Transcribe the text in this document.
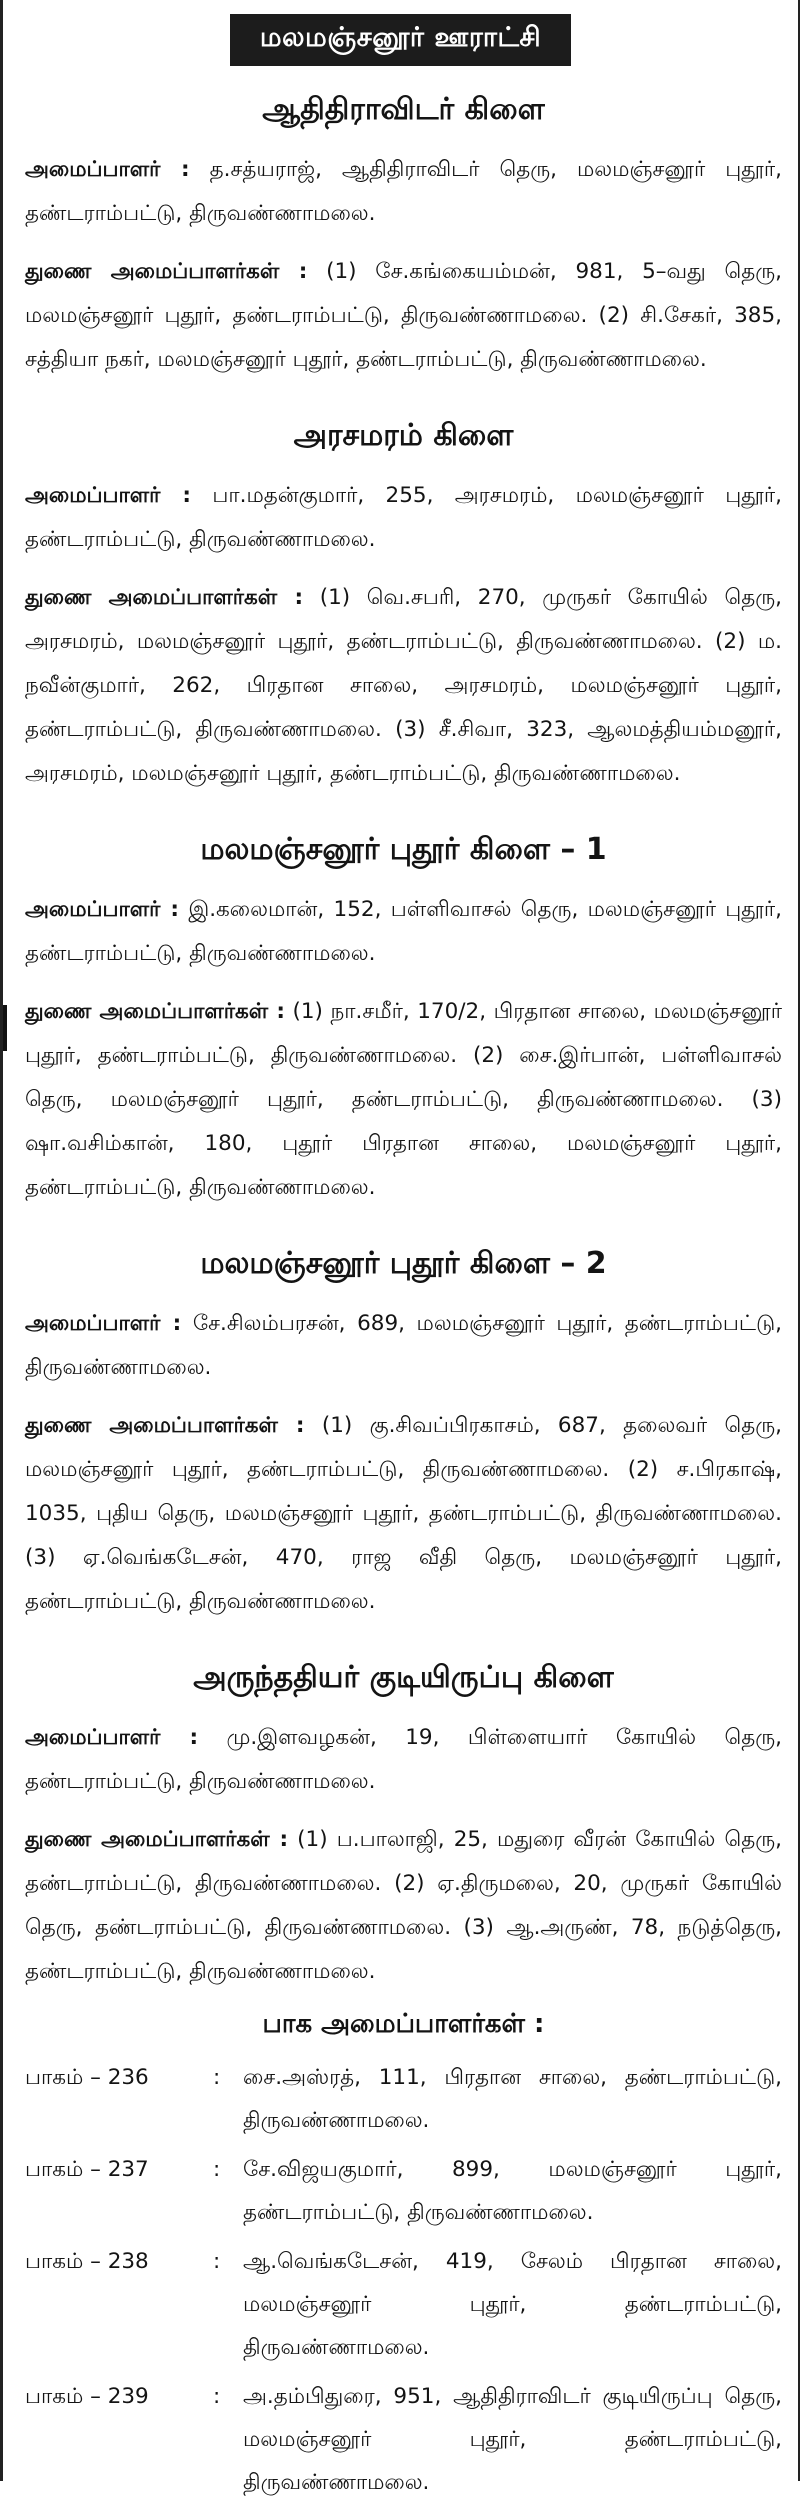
மலமஞ்சனூர் ஊராட்சி
ஆதிதிராவிடர் கிளை

அமைப்பாளர் : த.சத்யராஜ், ஆதிதிராவிடர் தெரு, மலமஞ்சனூர் புதூர், தண்டராம்பட்டு, திருவண்ணாமலை.

துணை அமைப்பாளர்கள் : (1) சே.கங்கையம்மன், 981, 5–வது தெரு, மலமஞ்சனூர் புதூர், தண்டராம்பட்டு, திருவண்ணாமலை. (2) சி.சேகர், 385, சத்தியா நகர், மலமஞ்சனூர் புதூர், தண்டராம்பட்டு, திருவண்ணாமலை.

அரசமரம் கிளை

அமைப்பாளர் : பா.மதன்குமார், 255, அரசமரம், மலமஞ்சனூர் புதூர், தண்டராம்பட்டு, திருவண்ணாமலை.

துணை அமைப்பாளர்கள் : (1) வெ.சபரி, 270, முருகர் கோயில் தெரு, அரசமரம், மலமஞ்சனூர் புதூர், தண்டராம்பட்டு, திருவண்ணாமலை. (2) ம. நவீன்குமார், 262, பிரதான சாலை, அரசமரம், மலமஞ்சனூர் புதூர், தண்டராம்பட்டு, திருவண்ணாமலை. (3) சீ.சிவா, 323, ஆலமத்தியம்மனூர், அரசமரம், மலமஞ்சனூர் புதூர், தண்டராம்பட்டு, திருவண்ணாமலை.

மலமஞ்சனூர் புதூர் கிளை – 1

அமைப்பாளர் : இ.கலைமான், 152, பள்ளிவாசல் தெரு, மலமஞ்சனூர் புதூர், தண்டராம்பட்டு, திருவண்ணாமலை.

துணை அமைப்பாளர்கள் : (1) நா.சமீர், 170/2, பிரதான சாலை, மலமஞ்சனூர் புதூர், தண்டராம்பட்டு, திருவண்ணாமலை. (2) சை.இர்பான், பள்ளிவாசல் தெரு, மலமஞ்சனூர் புதூர், தண்டராம்பட்டு, திருவண்ணாமலை. (3) ஷா.வசிம்கான், 180, புதூர் பிரதான சாலை, மலமஞ்சனூர் புதூர், தண்டராம்பட்டு, திருவண்ணாமலை.

மலமஞ்சனூர் புதூர் கிளை – 2

அமைப்பாளர் : சே.சிலம்பரசன், 689, மலமஞ்சனூர் புதூர், தண்டராம்பட்டு, திருவண்ணாமலை.

துணை அமைப்பாளர்கள் : (1) கு.சிவப்பிரகாசம், 687, தலைவர் தெரு, மலமஞ்சனூர் புதூர், தண்டராம்பட்டு, திருவண்ணாமலை. (2) ச.பிரகாஷ், 1035, புதிய தெரு, மலமஞ்சனூர் புதூர், தண்டராம்பட்டு, திருவண்ணாமலை. (3) ஏ.வெங்கடேசன், 470, ராஜ வீதி தெரு, மலமஞ்சனூர் புதூர், தண்டராம்பட்டு, திருவண்ணாமலை.

அருந்ததியர் குடியிருப்பு கிளை

அமைப்பாளர் : மு.இளவழகன், 19, பிள்ளையார் கோயில் தெரு, தண்டராம்பட்டு, திருவண்ணாமலை.

துணை அமைப்பாளர்கள் : (1) ப.பாலாஜி, 25, மதுரை வீரன் கோயில் தெரு, தண்டராம்பட்டு, திருவண்ணாமலை. (2) ஏ.திருமலை, 20, முருகர் கோயில் தெரு, தண்டராம்பட்டு, திருவண்ணாமலை. (3) ஆ.அருண், 78, நடுத்தெரு, தண்டராம்பட்டு, திருவண்ணாமலை.

பாக அமைப்பாளர்கள் :
பாகம் – 236	:	சை.அஸ்ரத், 111, பிரதான சாலை, தண்டராம்பட்டு, திருவண்ணாமலை.
பாகம் – 237	:	சே.விஜயகுமார், 899, மலமஞ்சனூர் புதூர், தண்டராம்பட்டு, திருவண்ணாமலை.
பாகம் – 238	:	ஆ.வெங்கடேசன், 419, சேலம் பிரதான சாலை, மலமஞ்சனூர் புதூர், தண்டராம்பட்டு, திருவண்ணாமலை.
பாகம் – 239	:	அ.தம்பிதுரை, 951, ஆதிதிராவிடர் குடியிருப்பு தெரு, மலமஞ்சனூர் புதூர், தண்டராம்பட்டு, திருவண்ணாமலை.
